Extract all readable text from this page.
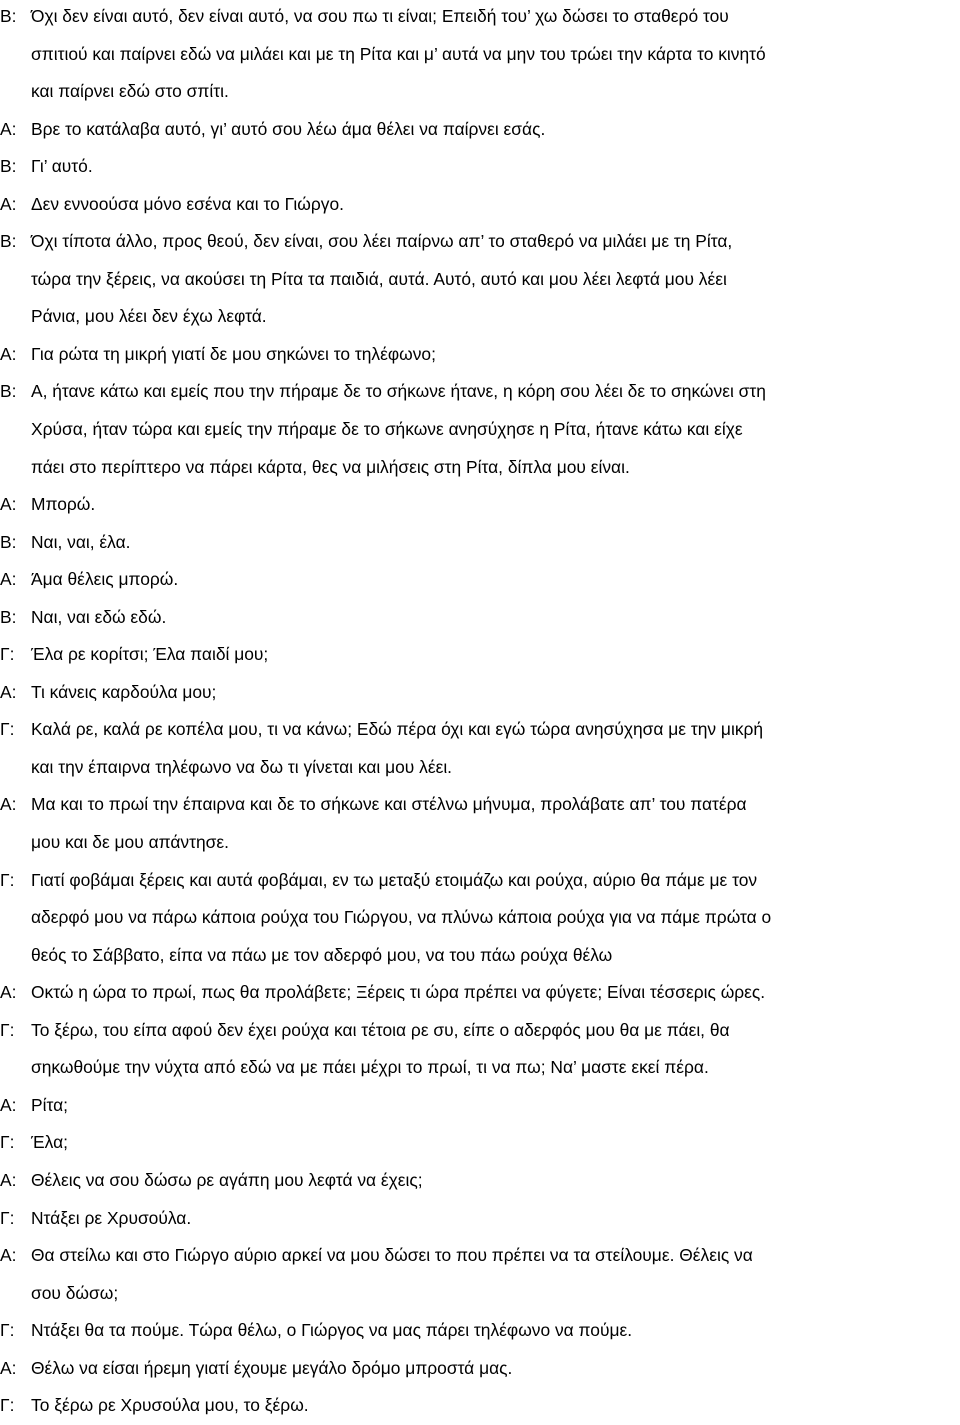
Β: Όχι δεν είναι αυτό, δεν είναι αυτό, να σου πω τι είναι; Επειδή του’ χω δώσει το σταθερό του
σπιτιού και παίρνει εδώ να μιλάει και με τη Ρίτα και μ’ αυτά να μην του τρώει την κάρτα το κινητό
και παίρνει εδώ στο σπίτι.
Α: Βρε το κατάλαβα αυτό, γι’ αυτό σου λέω άμα θέλει να παίρνει εσάς.
Β: Γι’ αυτό.
Α: Δεν εννοούσα μόνο εσένα και το Γιώργο.
Β: Όχι τίποτα άλλο, προς θεού, δεν είναι, σου λέει παίρνω απ’ το σταθερό να μιλάει με τη Ρίτα,
τώρα την ξέρεις, να ακούσει τη Ρίτα τα παιδιά, αυτά. Αυτό, αυτό και μου λέει λεφτά μου λέει
Ράνια, μου λέει δεν έχω λεφτά.
Α: Για ρώτα τη μικρή γιατί δε μου σηκώνει το τηλέφωνο;
Β: Α, ήτανε κάτω και εμείς που την πήραμε δε το σήκωνε ήτανε, η κόρη σου λέει δε το σηκώνει στη
Χρύσα, ήταν τώρα και εμείς την πήραμε δε το σήκωνε ανησύχησε η Ρίτα, ήτανε κάτω και είχε
πάει στο περίπτερο να πάρει κάρτα, θες να μιλήσεις στη Ρίτα, δίπλα μου είναι.
Α: Μπορώ.
Β: Ναι, ναι, έλα.
Α: Άμα θέλεις μπορώ.
Β: Ναι, ναι εδώ εδώ.
Γ: Έλα ρε κορίτσι; Έλα παιδί μου;
Α: Τι κάνεις καρδούλα μου;
Γ: Καλά ρε, καλά ρε κοπέλα μου, τι να κάνω; Εδώ πέρα όχι και εγώ τώρα ανησύχησα με την μικρή
και την έπαιρνα τηλέφωνο να δω τι γίνεται και μου λέει.
Α: Μα και το πρωί την έπαιρνα και δε το σήκωνε και στέλνω μήνυμα, προλάβατε απ’ του πατέρα
μου και δε μου απάντησε.
Γ: Γιατί φοβάμαι ξέρεις και αυτά φοβάμαι, εν τω μεταξύ ετοιμάζω και ρούχα, αύριο θα πάμε με τον
αδερφό μου να πάρω κάποια ρούχα του Γιώργου, να πλύνω κάποια ρούχα για να πάμε πρώτα ο
θεός το Σάββατο, είπα να πάω με τον αδερφό μου, να του πάω ρούχα θέλω
Α: Οκτώ η ώρα το πρωί, πως θα προλάβετε; Ξέρεις τι ώρα πρέπει να φύγετε; Είναι τέσσερις ώρες.
Γ: Το ξέρω, του είπα αφού δεν έχει ρούχα και τέτοια ρε συ, είπε ο αδερφός μου θα με πάει, θα
σηκωθούμε την νύχτα από εδώ να με πάει μέχρι το πρωί, τι να πω; Να’ μαστε εκεί πέρα.
Α: Ρίτα;
Γ: Έλα;
Α: Θέλεις να σου δώσω ρε αγάπη μου λεφτά να έχεις;
Γ: Ντάξει ρε Χρυσούλα.
Α: Θα στείλω και στο Γιώργο αύριο αρκεί να μου δώσει το που πρέπει να τα στείλουμε. Θέλεις να
σου δώσω;
Γ: Ντάξει θα τα πούμε. Τώρα θέλω, ο Γιώργος να μας πάρει τηλέφωνο να πούμε.
Α: Θέλω να είσαι ήρεμη γιατί έχουμε μεγάλο δρόμο μπροστά μας.
Γ: Το ξέρω ρε Χρυσούλα μου, το ξέρω.
